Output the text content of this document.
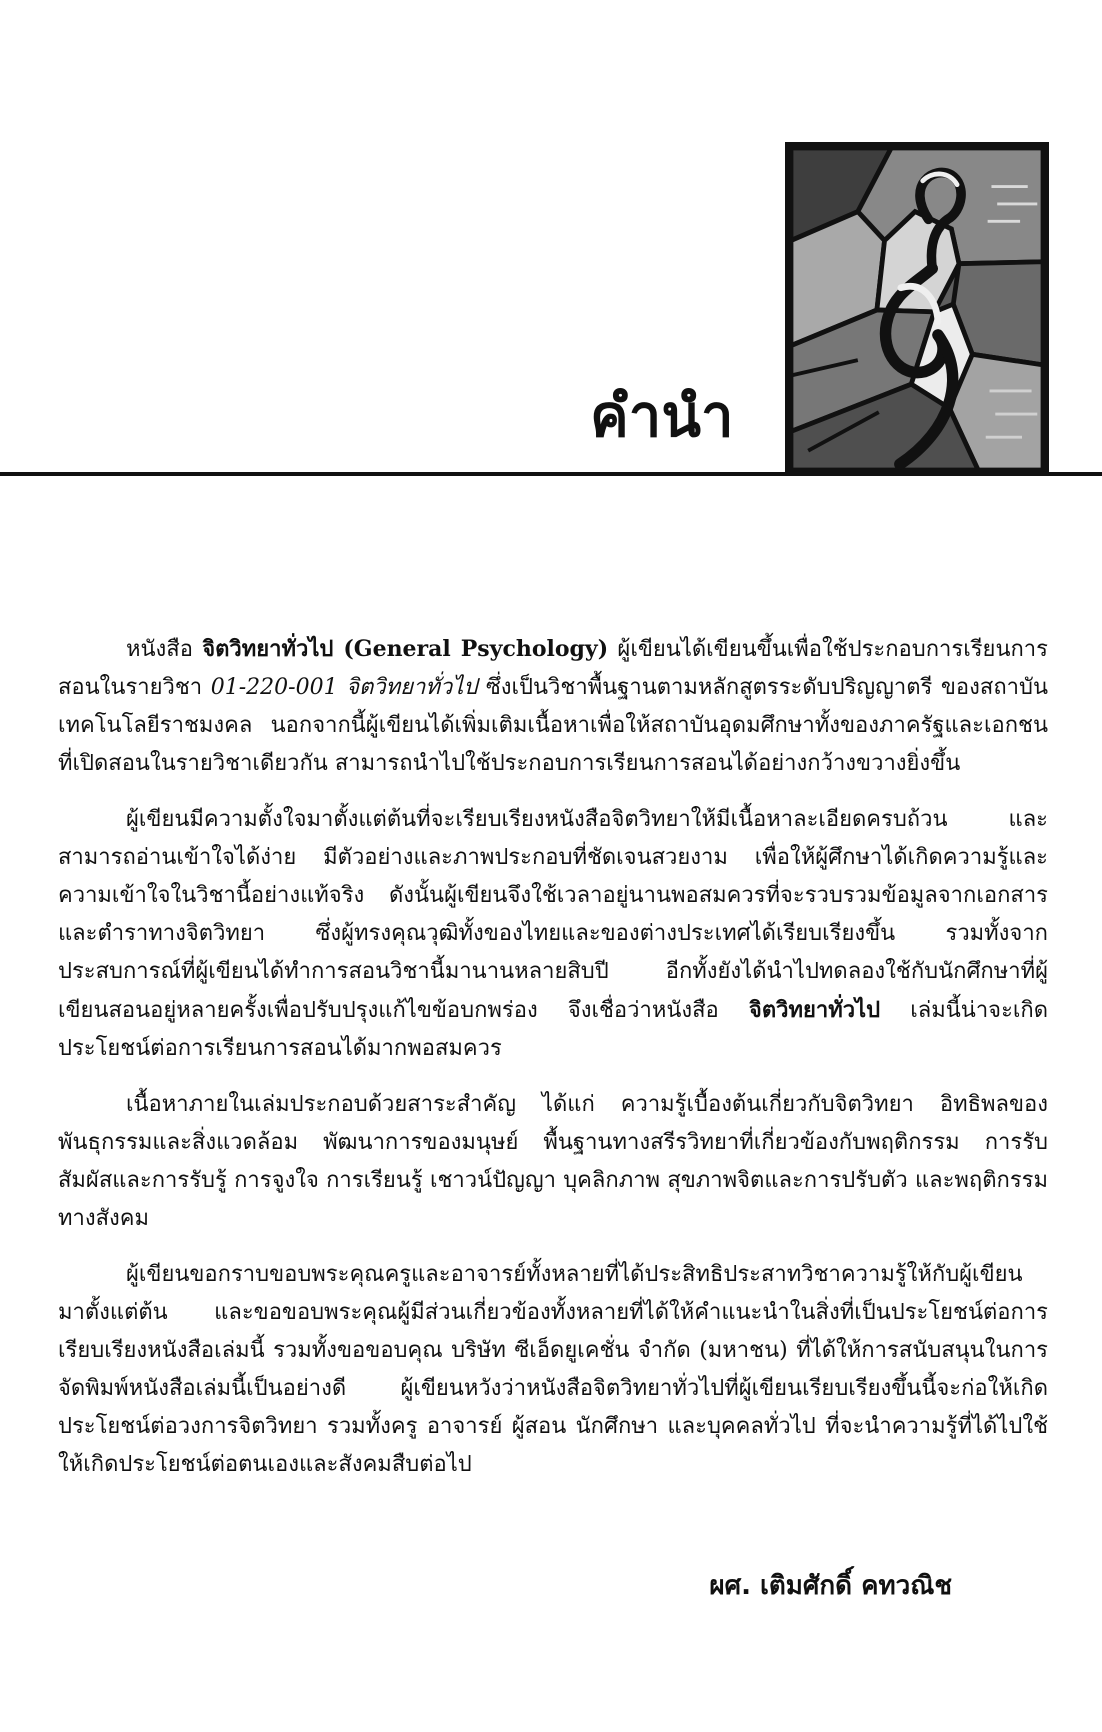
คำนำ

หนังสือ จิตวิทยาทั่วไป (General Psychology) ผู้เขียนได้เขียนขึ้นเพื่อใช้ประกอบการเรียนการสอนในรายวิชา 01-220-001 จิตวิทยาทั่วไป ซึ่งเป็นวิชาพื้นฐานตามหลักสูตรระดับปริญญาตรี ของสถาบันเทคโนโลยีราชมงคล นอกจากนี้ผู้เขียนได้เพิ่มเติมเนื้อหาเพื่อให้สถาบันอุดมศึกษาทั้งของภาครัฐและเอกชนที่เปิดสอนในรายวิชาเดียวกัน สามารถนำไปใช้ประกอบการเรียนการสอนได้อย่างกว้างขวางยิ่งขึ้น

ผู้เขียนมีความตั้งใจมาตั้งแต่ต้นที่จะเรียบเรียงหนังสือจิตวิทยาให้มีเนื้อหาละเอียดครบถ้วน และสามารถอ่านเข้าใจได้ง่าย มีตัวอย่างและภาพประกอบที่ชัดเจนสวยงาม เพื่อให้ผู้ศึกษาได้เกิดความรู้และความเข้าใจในวิชานี้อย่างแท้จริง ดังนั้นผู้เขียนจึงใช้เวลาอยู่นานพอสมควรที่จะรวบรวมข้อมูลจากเอกสารและตำราทางจิตวิทยา ซึ่งผู้ทรงคุณวุฒิทั้งของไทยและของต่างประเทศได้เรียบเรียงขึ้น รวมทั้งจากประสบการณ์ที่ผู้เขียนได้ทำการสอนวิชานี้มานานหลายสิบปี อีกทั้งยังได้นำไปทดลองใช้กับนักศึกษาที่ผู้เขียนสอนอยู่หลายครั้งเพื่อปรับปรุงแก้ไขข้อบกพร่อง จึงเชื่อว่าหนังสือ จิตวิทยาทั่วไป เล่มนี้น่าจะเกิดประโยชน์ต่อการเรียนการสอนได้มากพอสมควร

เนื้อหาภายในเล่มประกอบด้วยสาระสำคัญ ได้แก่ ความรู้เบื้องต้นเกี่ยวกับจิตวิทยา อิทธิพลของพันธุกรรมและสิ่งแวดล้อม พัฒนาการของมนุษย์ พื้นฐานทางสรีรวิทยาที่เกี่ยวข้องกับพฤติกรรม การรับสัมผัสและการรับรู้ การจูงใจ การเรียนรู้ เชาวน์ปัญญา บุคลิกภาพ สุขภาพจิตและการปรับตัว และพฤติกรรมทางสังคม

ผู้เขียนขอกราบขอบพระคุณครูและอาจารย์ทั้งหลายที่ได้ประสิทธิประสาทวิชาความรู้ให้กับผู้เขียนมาตั้งแต่ต้น และขอขอบพระคุณผู้มีส่วนเกี่ยวข้องทั้งหลายที่ได้ให้คำแนะนำในสิ่งที่เป็นประโยชน์ต่อการเรียบเรียงหนังสือเล่มนี้ รวมทั้งขอขอบคุณ บริษัท ซีเอ็ดยูเคชั่น จำกัด (มหาชน) ที่ได้ให้การสนับสนุนในการจัดพิมพ์หนังสือเล่มนี้เป็นอย่างดี ผู้เขียนหวังว่าหนังสือจิตวิทยาทั่วไปที่ผู้เขียนเรียบเรียงขึ้นนี้จะก่อให้เกิดประโยชน์ต่อวงการจิตวิทยา รวมทั้งครู อาจารย์ ผู้สอน นักศึกษา และบุคคลทั่วไป ที่จะนำความรู้ที่ได้ไปใช้ให้เกิดประโยชน์ต่อตนเองและสังคมสืบต่อไป

ผศ. เติมศักดิ์ คทวณิช
